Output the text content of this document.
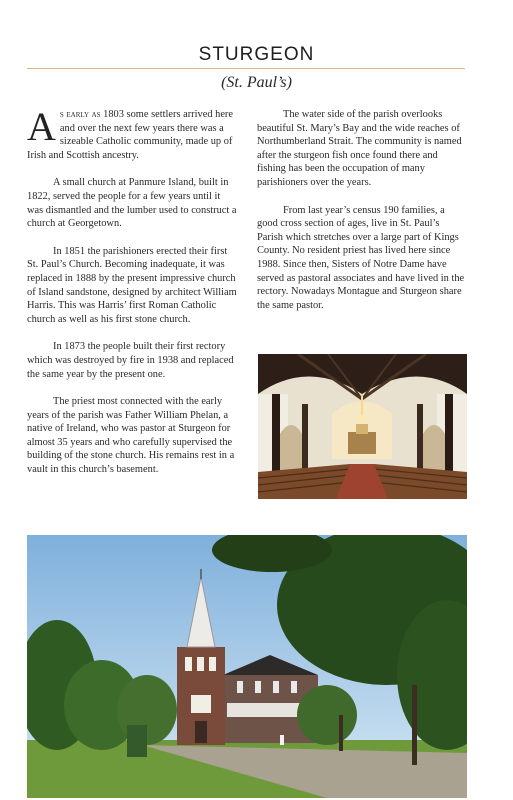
STURGEON
(St. Paul’s)

As early as 1803 some settlers arrived here and over the next few years there was a sizeable Catholic community, made up of Irish and Scottish ancestry.

A small church at Panmure Island, built in 1822, served the people for a few years until it was dismantled and the lumber used to construct a church at Georgetown.

In 1851 the parishioners erected their first St. Paul’s Church. Becoming inadequate, it was replaced in 1888 by the present impressive church of Island sandstone, designed by architect William Harris. This was Harris’ first Roman Catholic church as well as his first stone church.

In 1873 the people built their first rectory which was destroyed by fire in 1938 and replaced the same year by the present one.

The priest most connected with the early years of the parish was Father William Phelan, a native of Ireland, who was pastor at Sturgeon for almost 35 years and who carefully supervised the building of the stone church. His remains rest in a vault in this church’s basement.

The water side of the parish overlooks beautiful St. Mary’s Bay and the wide reaches of Northumberland Strait. The community is named after the sturgeon fish once found there and fishing has been the occupation of many parishioners over the years.

From last year’s census 190 families, a good cross section of ages, live in St. Paul’s Parish which stretches over a large part of Kings County. No resident priest has lived here since 1988. Since then, Sisters of Notre Dame have served as pastoral associates and have lived in the rectory. Nowadays Montague and Sturgeon share the same pastor.
